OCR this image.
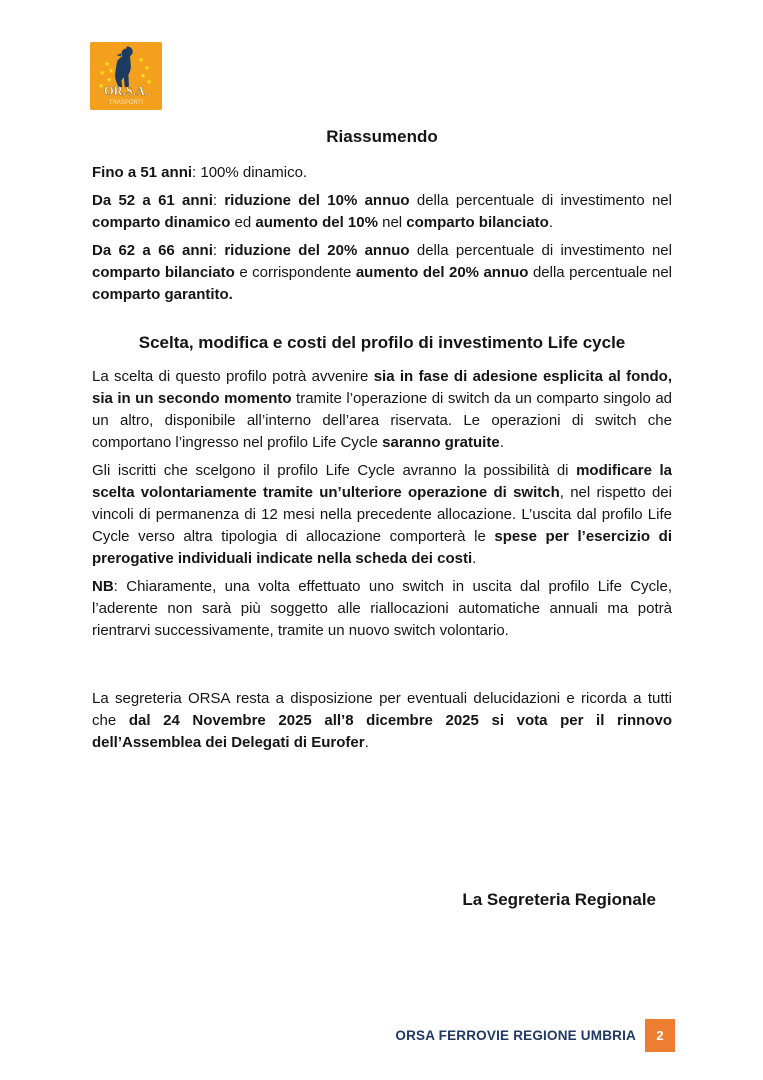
★
★
★
★
★
★
★
★
★
OR.S.A.
TRASPORTI
Riassumendo

Fino a 51 anni: 100% dinamico.

Da 52 a 61 anni: riduzione del 10% annuo della percentuale di investimento nel comparto dinamico ed aumento del 10% nel comparto bilanciato.

Da 62 a 66 anni: riduzione del 20% annuo della percentuale di investimento nel comparto bilanciato e corrispondente aumento del 20% annuo della percentuale nel comparto garantito.

Scelta, modifica e costi del profilo di investimento Life cycle

La scelta di questo profilo potrà avvenire sia in fase di adesione esplicita al fondo, sia in un secondo momento tramite l’operazione di switch da un comparto singolo ad un altro, disponibile all’interno dell’area riservata. Le operazioni di switch che comportano l’ingresso nel profilo Life Cycle saranno gratuite.

Gli iscritti che scelgono il profilo Life Cycle avranno la possibilità di modificare la scelta volontariamente tramite un’ulteriore operazione di switch, nel rispetto dei vincoli di permanenza di 12 mesi nella precedente allocazione. L’uscita dal profilo Life Cycle verso altra tipologia di allocazione comporterà le spese per l’esercizio di prerogative individuali indicate nella scheda dei costi.

NB: Chiaramente, una volta effettuato uno switch in uscita dal profilo Life Cycle, l’aderente non sarà più soggetto alle riallocazioni automatiche annuali ma potrà rientrarvi successivamente, tramite un nuovo switch volontario.

La segreteria ORSA resta a disposizione per eventuali delucidazioni e ricorda a tutti che dal 24 Novembre 2025 all’8 dicembre 2025 si vota per il rinnovo dell’Assemblea dei Delegati di Eurofer.

La Segreteria Regionale

ORSA FERROVIE REGIONE UMBRIA	2
